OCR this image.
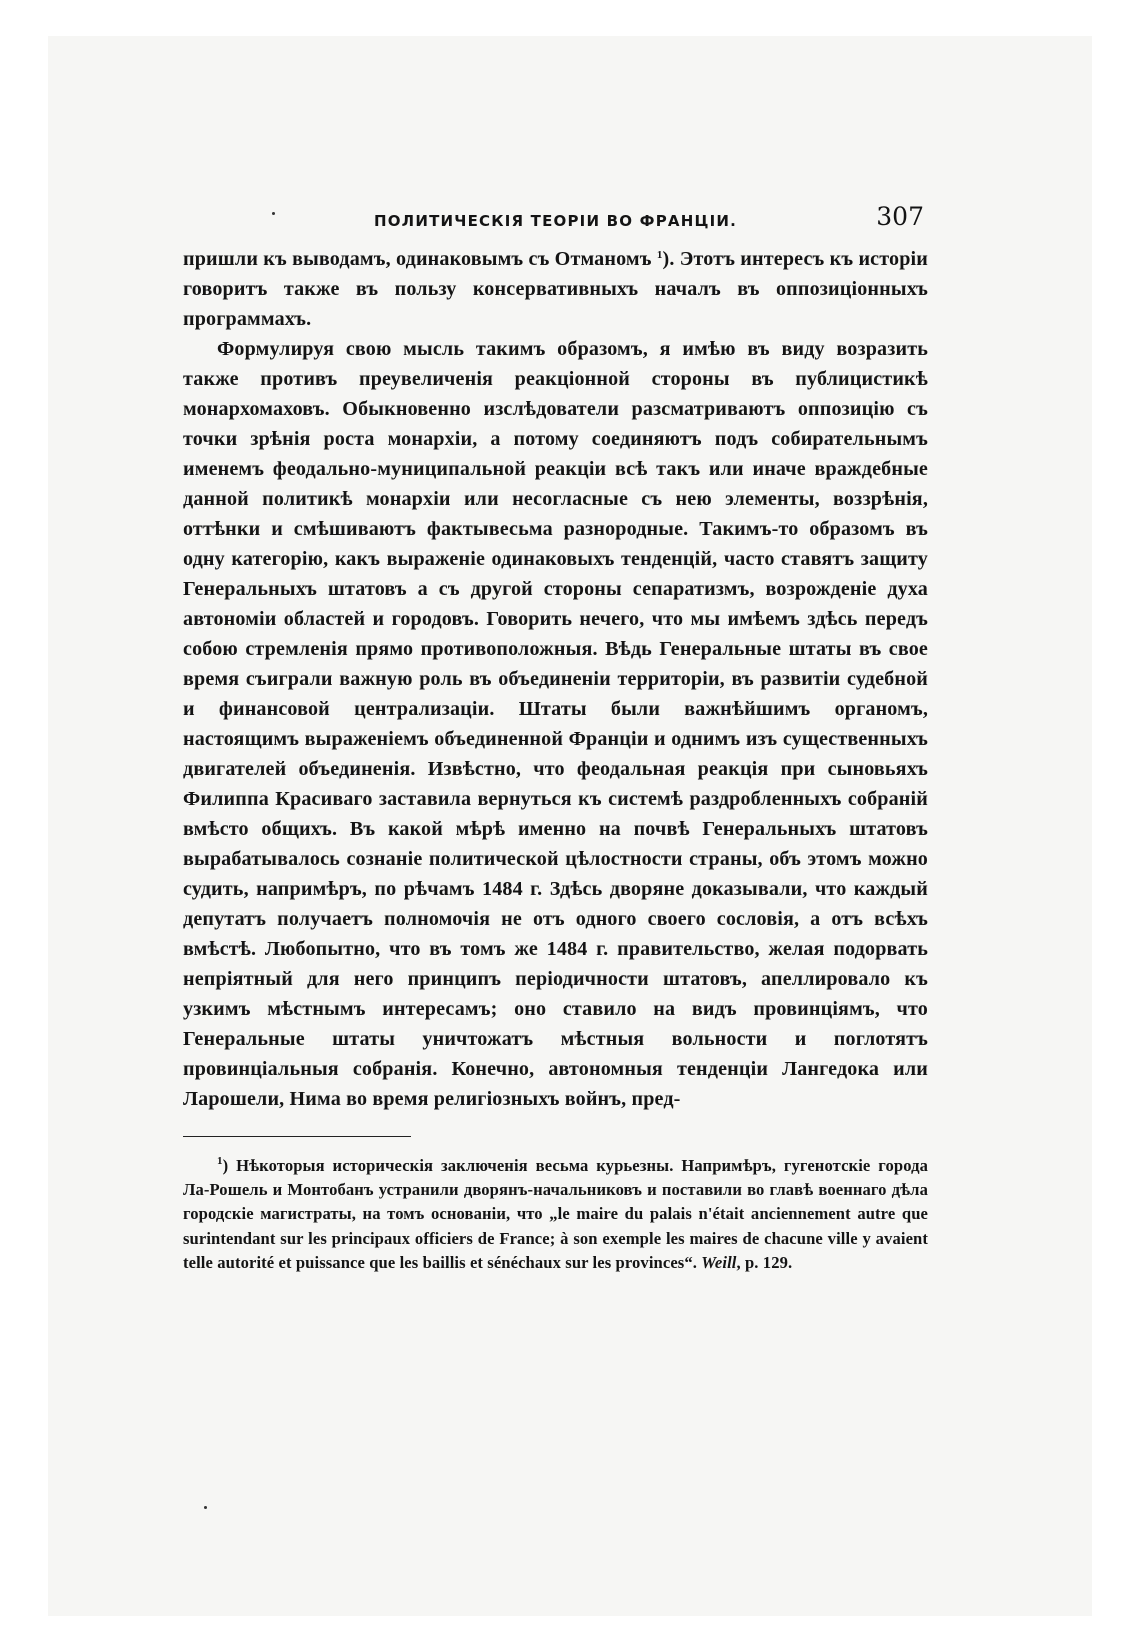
ПОЛИТИЧЕСКІЯ ТЕОРІИ ВО ФРАНЦІИ.	307

пришли къ выводамъ, одинаковымъ съ Отманомъ $^1$). Этотъ интересъ къ исторіи говоритъ также въ пользу консервативныхъ началъ въ оппозиціонныхъ программахъ.

Формулируя свою мысль такимъ образомъ, я имѣю въ виду возразить также противъ преувеличенія реакціонной стороны въ публицистикѣ монархомаховъ. Обыкновенно изслѣдователи разсматриваютъ оппозицію съ точки зрѣнія роста монархіи, а потому соединяютъ подъ собирательнымъ именемъ феодально-муниципальной реакціи всѣ такъ или иначе враждебные данной политикѣ монархіи или несогласные съ нею элементы, воззрѣнія, оттѣнки и смѣшиваютъ фактывесьма разнородные. Такимъ-то образомъ въ одну категорію, какъ выраженіе одинаковыхъ тенденцій, часто ставятъ защиту Генеральныхъ штатовъ а съ другой стороны сепаратизмъ, возрожденіе духа автономіи областей и городовъ. Говорить нечего, что мы имѣемъ здѣсь передъ собою стремленія прямо противоположныя. Вѣдь Генеральные штаты въ свое время съиграли важную роль въ объединеніи территоріи, въ развитіи судебной и финансовой централизаціи. Штаты были важнѣйшимъ органомъ, настоящимъ выраженіемъ объединенной Франціи и однимъ изъ существенныхъ двигателей объединенія. Извѣстно, что феодальная реакція при сыновьяхъ Филиппа Красиваго заставила вернуться къ системѣ раздробленныхъ собраній вмѣсто общихъ. Въ какой мѣрѣ именно на почвѣ Генеральныхъ штатовъ вырабатывалось сознаніе политической цѣлостности страны, объ этомъ можно судить, напримѣръ, по рѣчамъ 1484 г. Здѣсь дворяне доказывали, что каждый депутатъ получаетъ полномочія не отъ одного своего сословія, а отъ всѣхъ вмѣстѣ. Любопытно, что въ томъ же 1484 г. правительство, желая подорвать непріятный для него принципъ періодичности штатовъ, апеллировало къ узкимъ мѣстнымъ интересамъ; оно ставило на видъ провинціямъ, что Генеральные штаты уничтожатъ мѣстныя вольности и поглотятъ провинціальныя собранія. Конечно, автономныя тенденціи Лангедока или Ларошели, Нима во время религіозныхъ войнъ, пред-

$^1$) Нѣкоторыя историческія заключенія весьма курьезны. Напримѣръ, гугенотскіе города Ла-Рошель и Монтобанъ устранили дворянъ-начальниковъ и поставили во главѣ военнаго дѣла городскіе магистраты, на томъ основаніи, что „le maire du palais n'était anciennement autre que surintendant sur les principaux officiers de France; à son exemple les maires de chacune ville y avaient telle autorité et puissance que les baillis et sénéchaux sur les provinces“. Weill, p. 129.
